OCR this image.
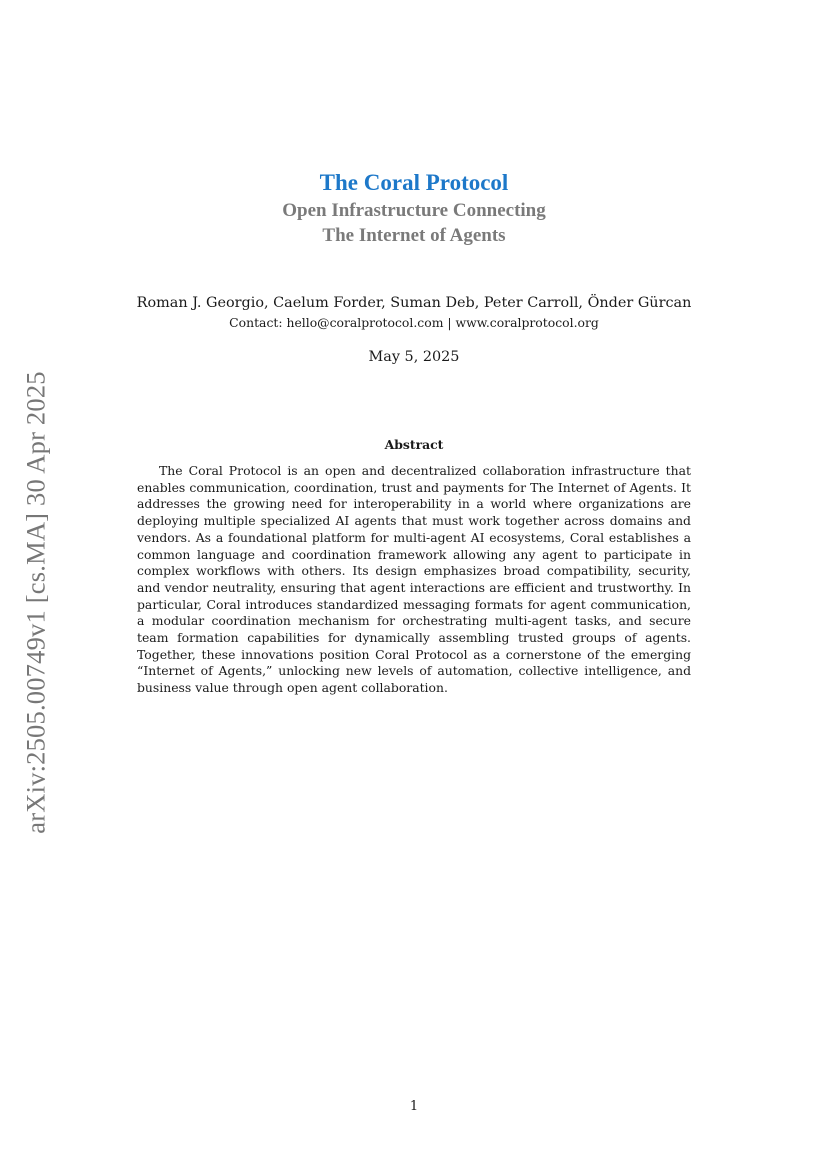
arXiv:2505.00749v1 [cs.MA] 30 Apr 2025
The Coral Protocol
Open Infrastructure Connecting
The Internet of Agents
Roman J. Georgio, Caelum Forder, Suman Deb, Peter Carroll, Önder Gürcan
Contact: hello@coralprotocol.com | www.coralprotocol.org
May 5, 2025
Abstract
The Coral Protocol is an open and decentralized collaboration infrastructure that enables communication, coordination, trust and payments for The Internet of Agents. It addresses the growing need for interoperability in a world where organizations are deploying multiple specialized AI agents that must work together across domains and vendors. As a foundational platform for multi-agent AI ecosystems, Coral establishes a common language and coordination framework allowing any agent to participate in complex workflows with others. Its design emphasizes broad compatibility, security, and vendor neutrality, ensuring that agent interactions are efficient and trustworthy. In particular, Coral introduces standardized messaging formats for agent communication, a modular coordination mechanism for orchestrating multi-agent tasks, and secure team formation capabilities for dynamically assembling trusted groups of agents. Together, these innovations position Coral Protocol as a cornerstone of the emerging “Internet of Agents,” unlocking new levels of automation, collective intelligence, and business value through open agent collaboration.
1
